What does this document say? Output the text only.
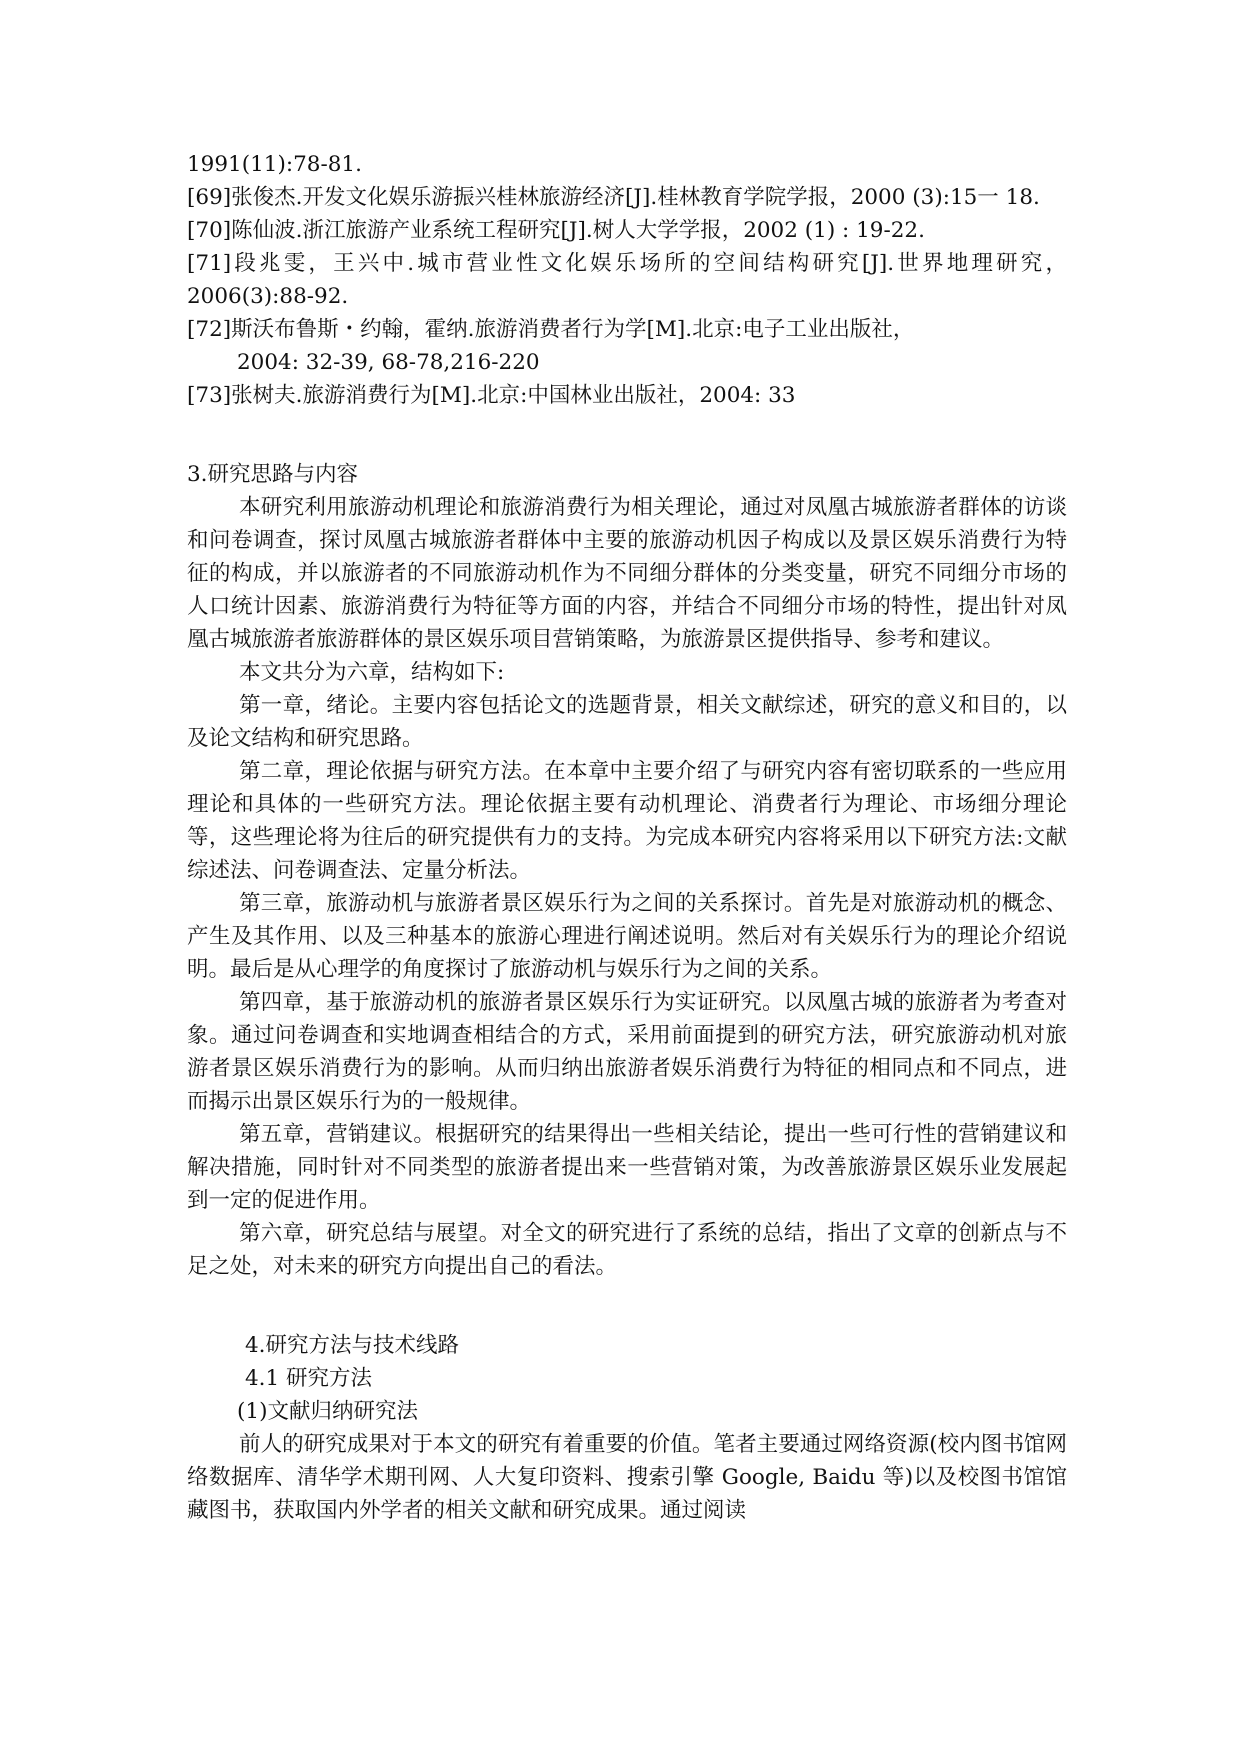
1991(11):78-81.

[69]张俊杰.开发文化娱乐游振兴桂林旅游经济[J].桂林教育学院学报，2000 (3):15一 18.

[70]陈仙波.浙江旅游产业系统工程研究[J].树人大学学报，2002 (1) : 19-22.

[71]段兆雯，王兴中.城市营业性文化娱乐场所的空间结构研究[J].世界地理研究，2006(3):88-92.

[72]斯沃布鲁斯・约翰，霍纳.旅游消费者行为学[M].北京:电子工业出版社，

2004: 32-39, 68-78,216-220

[73]张树夫.旅游消费行为[M].北京:中国林业出版社，2004: 33

3.研究思路与内容

本研究利用旅游动机理论和旅游消费行为相关理论，通过对凤凰古城旅游者群体的访谈和问卷调查，探讨凤凰古城旅游者群体中主要的旅游动机因子构成以及景区娱乐消费行为特征的构成，并以旅游者的不同旅游动机作为不同细分群体的分类变量，研究不同细分市场的人口统计因素、旅游消费行为特征等方面的内容，并结合不同细分市场的特性，提出针对凤凰古城旅游者旅游群体的景区娱乐项目营销策略，为旅游景区提供指导、参考和建议。

本文共分为六章，结构如下:

第一章，绪论。主要内容包括论文的选题背景，相关文献综述，研究的意义和目的，以及论文结构和研究思路。

第二章，理论依据与研究方法。在本章中主要介绍了与研究内容有密切联系的一些应用理论和具体的一些研究方法。理论依据主要有动机理论、消费者行为理论、市场细分理论等，这些理论将为往后的研究提供有力的支持。为完成本研究内容将采用以下研究方法:文献综述法、问卷调查法、定量分析法。

第三章，旅游动机与旅游者景区娱乐行为之间的关系探讨。首先是对旅游动机的概念、产生及其作用、以及三种基本的旅游心理进行阐述说明。然后对有关娱乐行为的理论介绍说明。最后是从心理学的角度探讨了旅游动机与娱乐行为之间的关系。

第四章，基于旅游动机的旅游者景区娱乐行为实证研究。以凤凰古城的旅游者为考查对象。通过问卷调查和实地调查相结合的方式，采用前面提到的研究方法，研究旅游动机对旅游者景区娱乐消费行为的影响。从而归纳出旅游者娱乐消费行为特征的相同点和不同点，进而揭示出景区娱乐行为的一般规律。

第五章，营销建议。根据研究的结果得出一些相关结论，提出一些可行性的营销建议和解决措施，同时针对不同类型的旅游者提出来一些营销对策，为改善旅游景区娱乐业发展起到一定的促进作用。

第六章，研究总结与展望。对全文的研究进行了系统的总结，指出了文章的创新点与不足之处，对未来的研究方向提出自己的看法。

4.研究方法与技术线路

4.1 研究方法

(1)文献归纳研究法

前人的研究成果对于本文的研究有着重要的价值。笔者主要通过网络资源(校内图书馆网络数据库、清华学术期刊网、人大复印资料、搜索引擎 Google, Baidu 等)以及校图书馆馆藏图书，获取国内外学者的相关文献和研究成果。通过阅读
